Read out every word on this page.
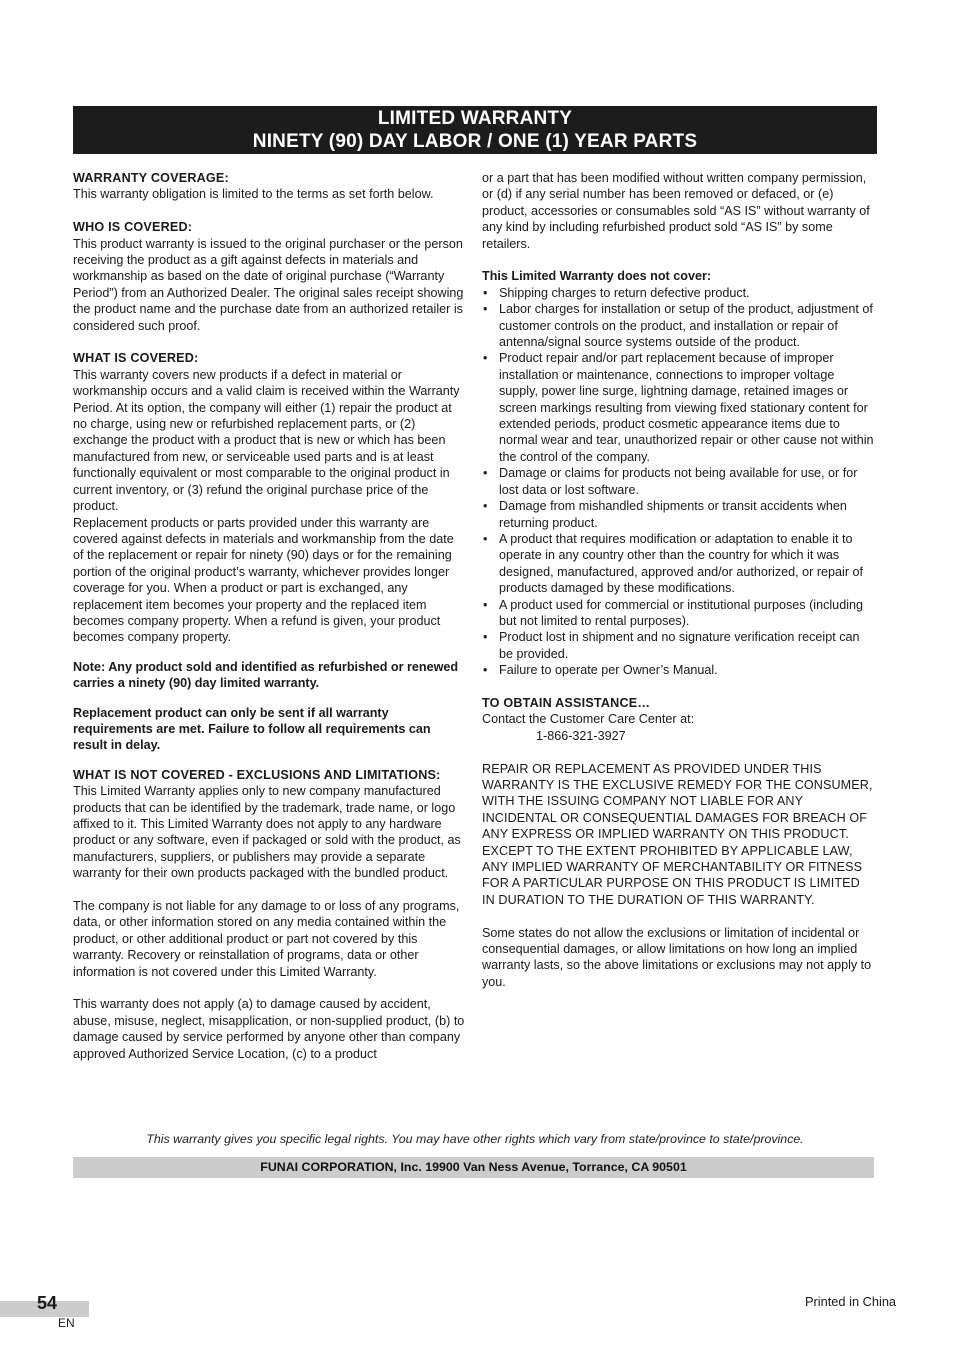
LIMITED WARRANTY
NINETY (90) DAY LABOR / ONE (1) YEAR PARTS
WARRANTY COVERAGE:

This warranty obligation is limited to the terms as set forth below.

WHO IS COVERED:

This product warranty is issued to the original purchaser or the person receiving the product as a gift against defects in materials and workmanship as based on the date of original purchase (“Warranty Period”) from an Authorized Dealer. The original sales receipt showing the product name and the purchase date from an authorized retailer is considered such proof.

WHAT IS COVERED:

This warranty covers new products if a defect in material or workmanship occurs and a valid claim is received within the Warranty Period. At its option, the company will either (1) repair the product at no charge, using new or refurbished replacement parts, or (2) exchange the product with a product that is new or which has been manufactured from new, or serviceable used parts and is at least functionally equivalent or most comparable to the original product in current inventory, or (3) refund the original purchase price of the product.

Replacement products or parts provided under this warranty are covered against defects in materials and workmanship from the date of the replacement or repair for ninety (90) days or for the remaining portion of the original product’s warranty, whichever provides longer coverage for you. When a product or part is exchanged, any replacement item becomes your property and the replaced item becomes company property. When a refund is given, your product becomes company property.

Note: Any product sold and identified as refurbished or renewed carries a ninety (90) day limited warranty.

Replacement product can only be sent if all warranty requirements are met. Failure to follow all requirements can result in delay.

WHAT IS NOT COVERED - EXCLUSIONS AND LIMITATIONS:

This Limited Warranty applies only to new company manufactured products that can be identified by the trademark, trade name, or logo affixed to it. This Limited Warranty does not apply to any hardware product or any software, even if packaged or sold with the product, as manufacturers, suppliers, or publishers may provide a separate warranty for their own products packaged with the bundled product.

The company is not liable for any damage to or loss of any programs, data, or other information stored on any media contained within the product, or other additional product or part not covered by this warranty. Recovery or reinstallation of programs, data or other information is not covered under this Limited Warranty.

This warranty does not apply (a) to damage caused by accident, abuse, misuse, neglect, misapplication, or non-supplied product, (b) to damage caused by service performed by anyone other than company approved Authorized Service Location, (c) to a product

or a part that has been modified without written company permission, or (d) if any serial number has been removed or defaced, or (e) product, accessories or consumables sold “AS IS” without warranty of any kind by including refurbished product sold “AS IS” by some retailers.

This Limited Warranty does not cover:
• Shipping charges to return defective product.
• Labor charges for installation or setup of the product, adjustment of customer controls on the product, and installation or repair of antenna/signal source systems outside of the product.
• Product repair and/or part replacement because of improper installation or maintenance, connections to improper voltage supply, power line surge, lightning damage, retained images or screen markings resulting from viewing fixed stationary content for extended periods, product cosmetic appearance items due to normal wear and tear, unauthorized repair or other cause not within the control of the company.
• Damage or claims for products not being available for use, or for lost data or lost software.
• Damage from mishandled shipments or transit accidents when returning product.
• A product that requires modification or adaptation to enable it to operate in any country other than the country for which it was designed, manufactured, approved and/or authorized, or repair of products damaged by these modifications.
• A product used for commercial or institutional purposes (including but not limited to rental purposes).
• Product lost in shipment and no signature verification receipt can be provided.
• Failure to operate per Owner’s Manual.
TO OBTAIN ASSISTANCE…

Contact the Customer Care Center at:

1-866-321-3927

REPAIR OR REPLACEMENT AS PROVIDED UNDER THIS WARRANTY IS THE EXCLUSIVE REMEDY FOR THE CONSUMER, WITH THE ISSUING COMPANY NOT LIABLE FOR ANY INCIDENTAL OR CONSEQUENTIAL DAMAGES FOR BREACH OF ANY EXPRESS OR IMPLIED WARRANTY ON THIS PRODUCT. EXCEPT TO THE EXTENT PROHIBITED BY APPLICABLE LAW, ANY IMPLIED WARRANTY OF MERCHANTABILITY OR FITNESS FOR A PARTICULAR PURPOSE ON THIS PRODUCT IS LIMITED IN DURATION TO THE DURATION OF THIS WARRANTY.

Some states do not allow the exclusions or limitation of incidental or consequential damages, or allow limitations on how long an implied warranty lasts, so the above limitations or exclusions may not apply to you.

This warranty gives you specific legal rights. You may have other rights which vary from state/province to state/province.
FUNAI CORPORATION, Inc. 19900 Van Ness Avenue, Torrance, CA 90501
54
EN
Printed in China
